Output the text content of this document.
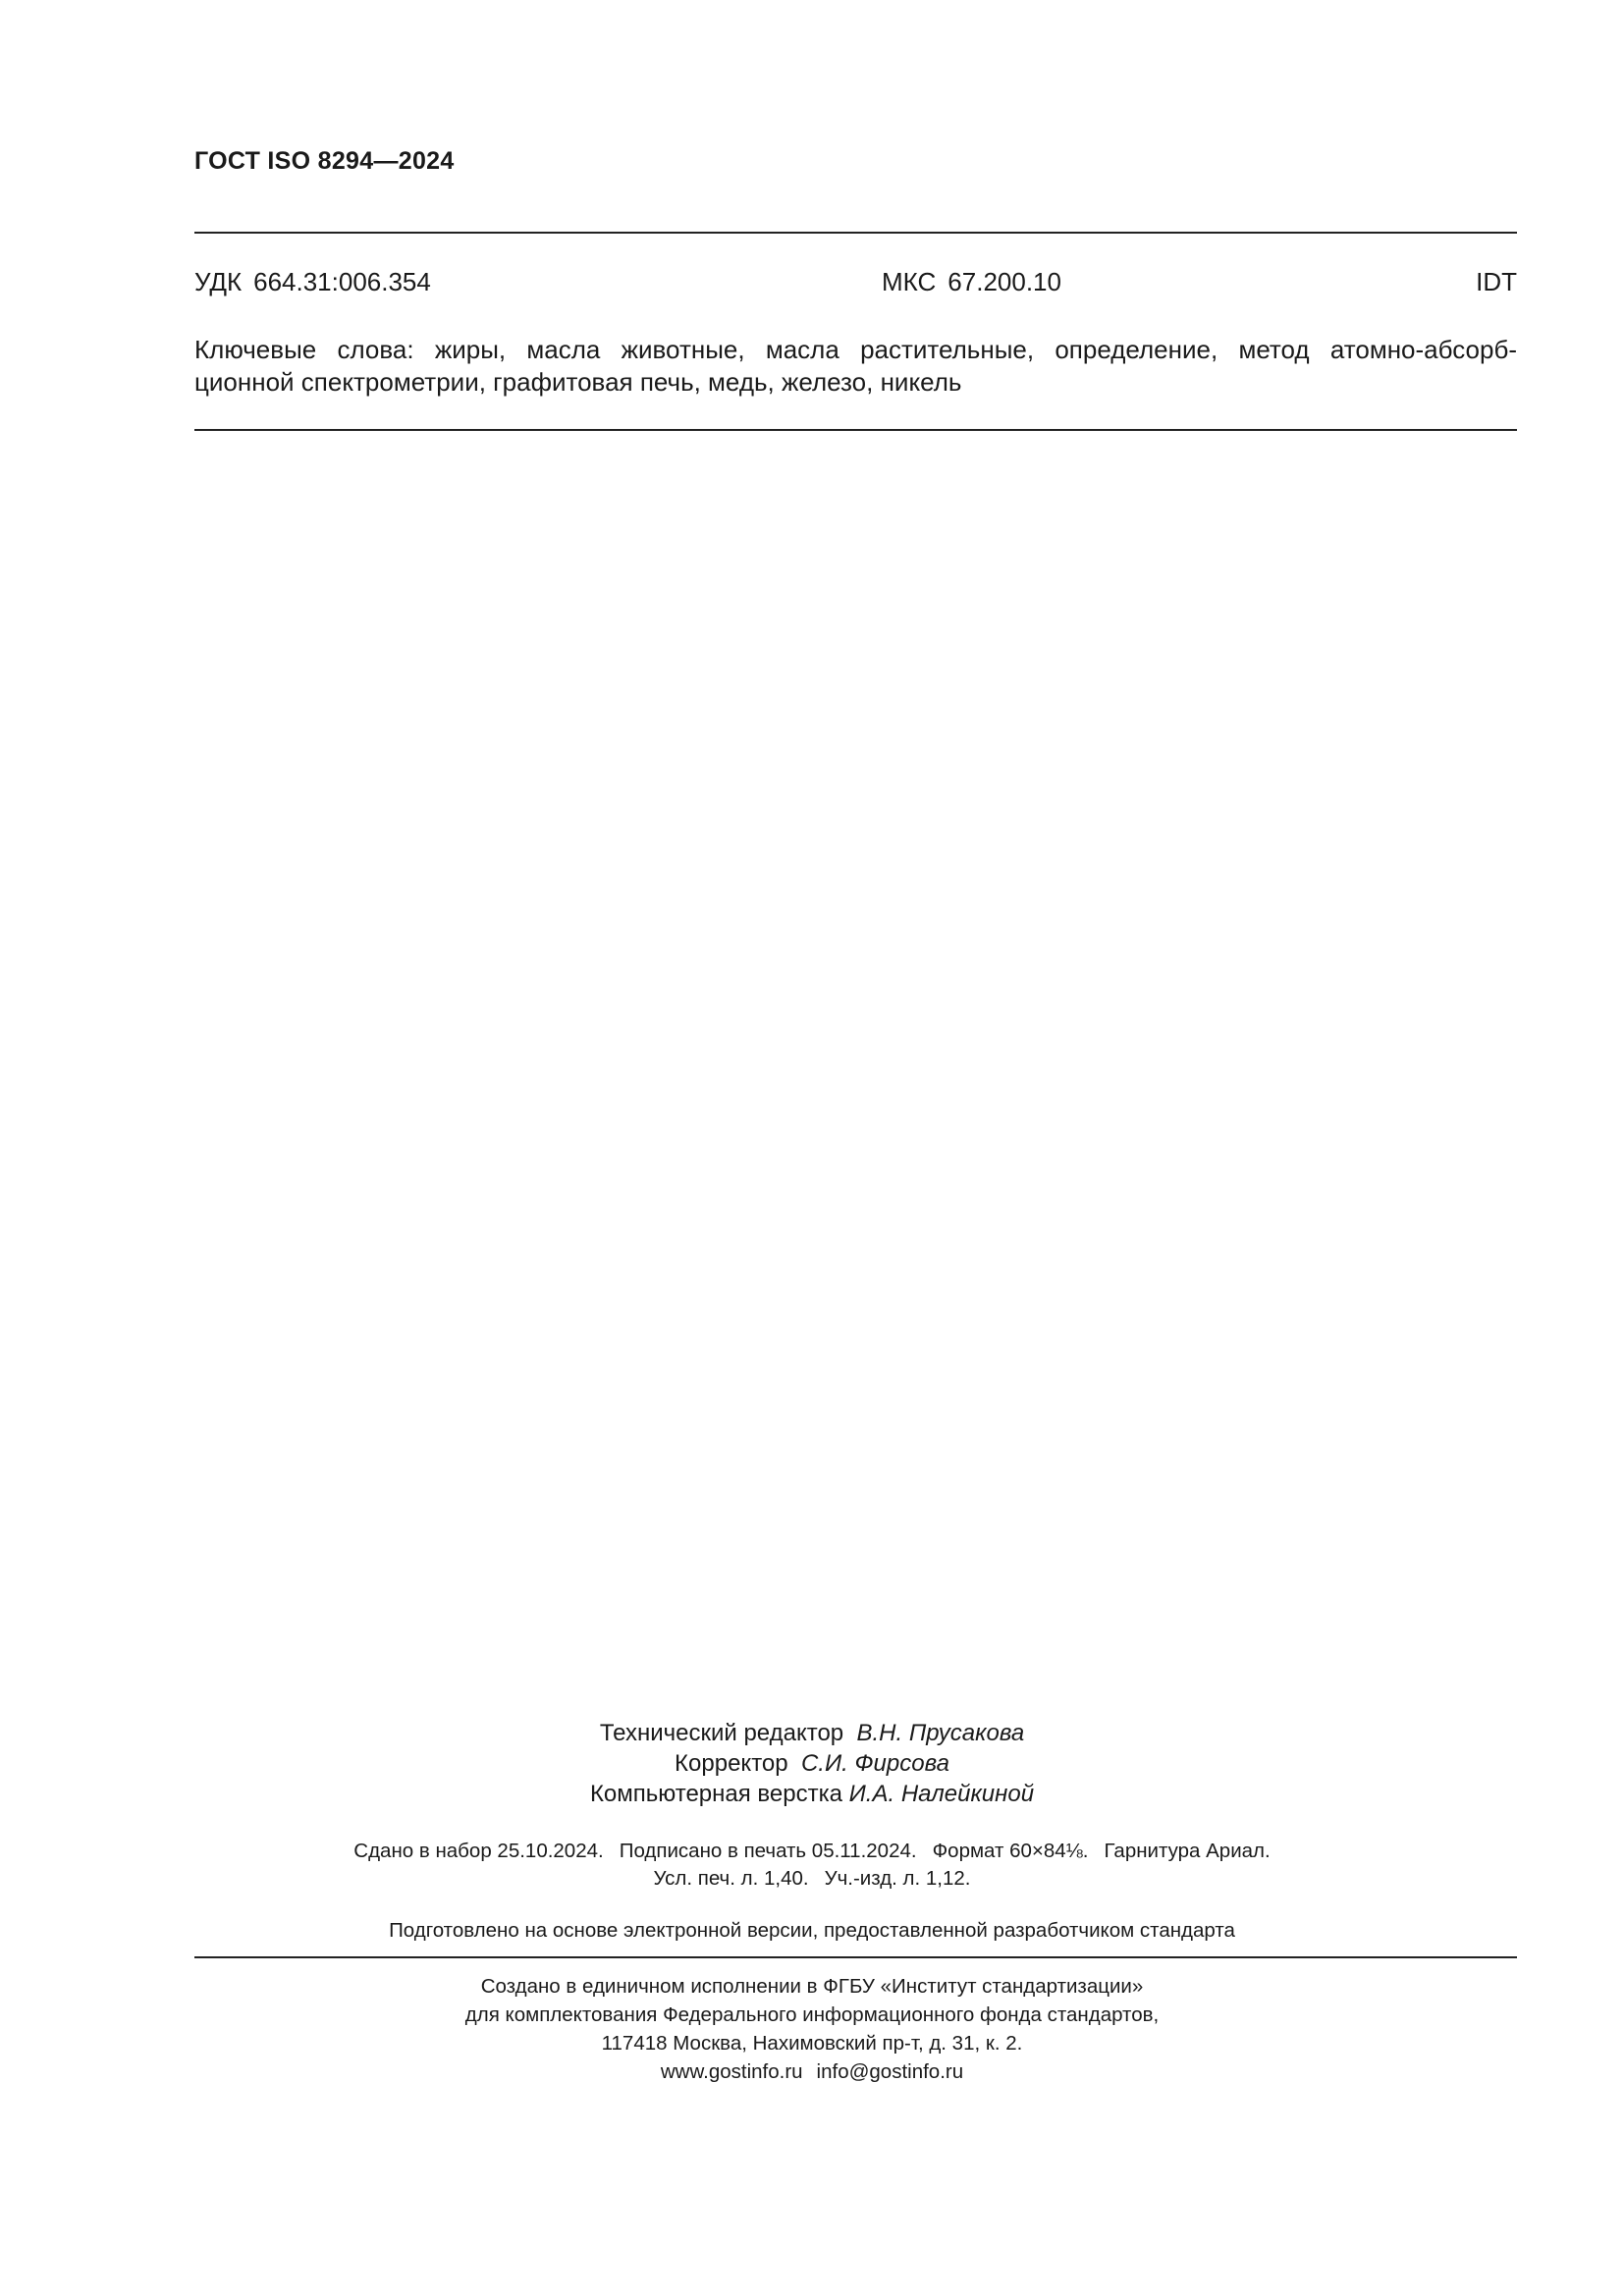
ГОСТ ISO 8294—2024
УДК 664.31:006.354	МКС 67.200.10	IDT
Ключевые слова: жиры, масла животные, масла растительные, определение, метод атомно-абсорб-
ционной спектрометрии, графитовая печь, медь, железо, никель
Технический редактор В.Н. Прусакова
Корректор С.И. Фирсова
Компьютерная верстка И.А. Налейкиной
Сдано в набор 25.10.2024. Подписано в печать 05.11.2024. Формат 60×84⅛. Гарнитура Ариал.
Усл. печ. л. 1,40. Уч.-изд. л. 1,12.
Подготовлено на основе электронной версии, предоставленной разработчиком стандарта
Создано в единичном исполнении в ФГБУ «Институт стандартизации»
для комплектования Федерального информационного фонда стандартов,
117418 Москва, Нахимовский пр-т, д. 31, к. 2.
www.gostinfo.ru info@gostinfo.ru
